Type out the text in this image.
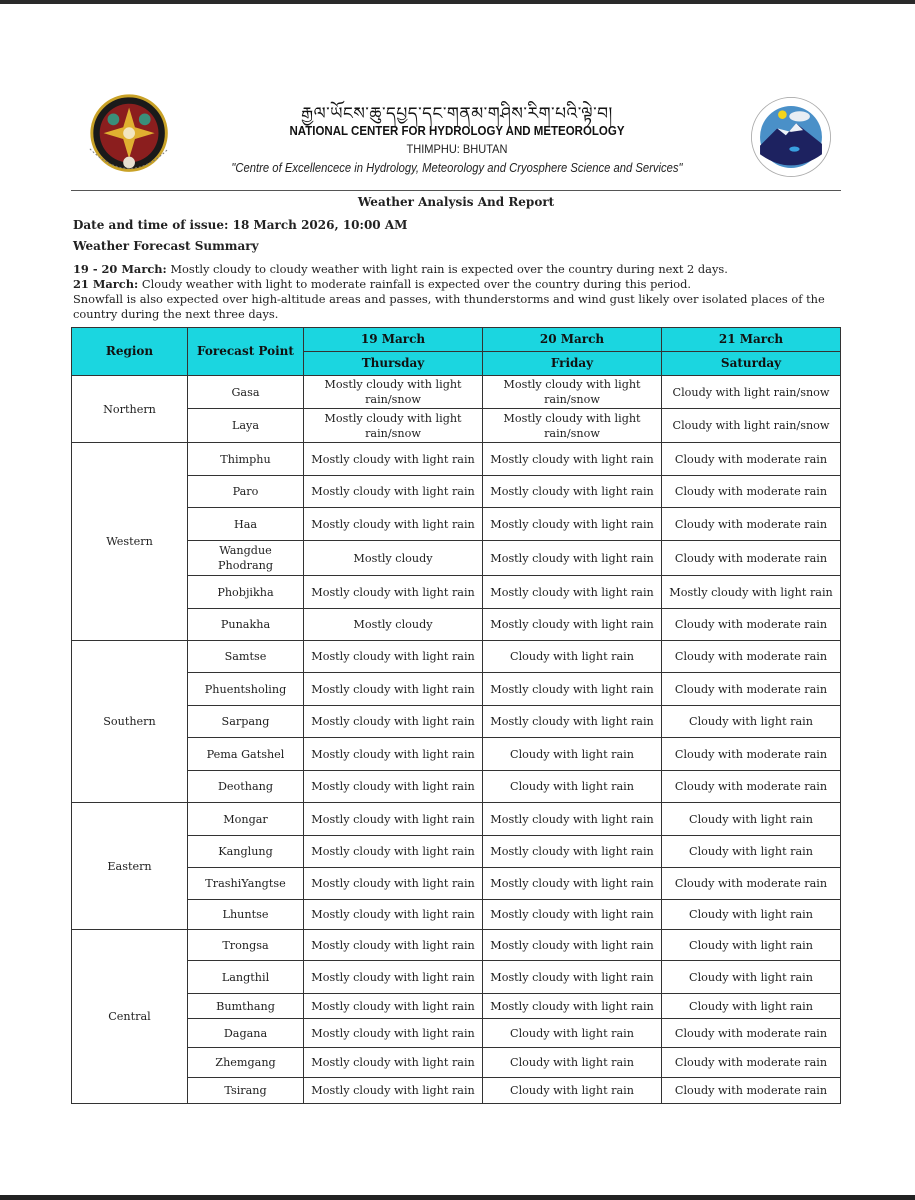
རྒྱལ་ཡོངས་ཆུ་དཔྱད་དང་གནམ་གཤིས་རིག་པའི་ལྟེ་བ།
NATIONAL CENTER FOR HYDROLOGY AND METEOROLOGY
THIMPHU: BHUTAN
"Centre of Excellencece in Hydrology, Meteorology and Cryosphere Science and Services"
Weather Analysis And Report
Date and time of issue: 18 March 2026, 10:00 AM
Weather Forecast Summary
19 - 20 March: Mostly cloudy to cloudy weather with light rain is expected over the country during next 2 days.
21 March: Cloudy weather with light to moderate rainfall is expected over the country during this period.
Snowfall is also expected over high-altitude areas and passes, with thunderstorms and wind gust likely over isolated places of the country during the next three days.
Region	Forecast Point	19 March	20 March	21 March
		Thursday	Friday	Saturday
Northern	Gasa	Mostly cloudy with light rain/snow	Mostly cloudy with light rain/snow	Cloudy with light rain/snow
	Laya	Mostly cloudy with light rain/snow	Mostly cloudy with light rain/snow	Cloudy with light rain/snow
Western	Thimphu	Mostly cloudy with light rain	Mostly cloudy with light rain	Cloudy with moderate rain
	Paro	Mostly cloudy with light rain	Mostly cloudy with light rain	Cloudy with moderate rain
	Haa	Mostly cloudy with light rain	Mostly cloudy with light rain	Cloudy with moderate rain
	Wangdue Phodrang	Mostly cloudy	Mostly cloudy with light rain	Cloudy with moderate rain
	Phobjikha	Mostly cloudy with light rain	Mostly cloudy with light rain	Mostly cloudy with light rain
	Punakha	Mostly cloudy	Mostly cloudy with light rain	Cloudy with moderate rain
Southern	Samtse	Mostly cloudy with light rain	Cloudy with light rain	Cloudy with moderate rain
	Phuentsholing	Mostly cloudy with light rain	Mostly cloudy with light rain	Cloudy with moderate rain
	Sarpang	Mostly cloudy with light rain	Mostly cloudy with light rain	Cloudy with light rain
	Pema Gatshel	Mostly cloudy with light rain	Cloudy with light rain	Cloudy with moderate rain
	Deothang	Mostly cloudy with light rain	Cloudy with light rain	Cloudy with moderate rain
Eastern	Mongar	Mostly cloudy with light rain	Mostly cloudy with light rain	Cloudy with light rain
	Kanglung	Mostly cloudy with light rain	Mostly cloudy with light rain	Cloudy with light rain
	TrashiYangtse	Mostly cloudy with light rain	Mostly cloudy with light rain	Cloudy with moderate rain
	Lhuntse	Mostly cloudy with light rain	Mostly cloudy with light rain	Cloudy with light rain
Central	Trongsa	Mostly cloudy with light rain	Mostly cloudy with light rain	Cloudy with light rain
	Langthil	Mostly cloudy with light rain	Mostly cloudy with light rain	Cloudy with light rain
	Bumthang	Mostly cloudy with light rain	Mostly cloudy with light rain	Cloudy with light rain
	Dagana	Mostly cloudy with light rain	Cloudy with light rain	Cloudy with moderate rain
	Zhemgang	Mostly cloudy with light rain	Cloudy with light rain	Cloudy with moderate rain
	Tsirang	Mostly cloudy with light rain	Cloudy with light rain	Cloudy with moderate rain
